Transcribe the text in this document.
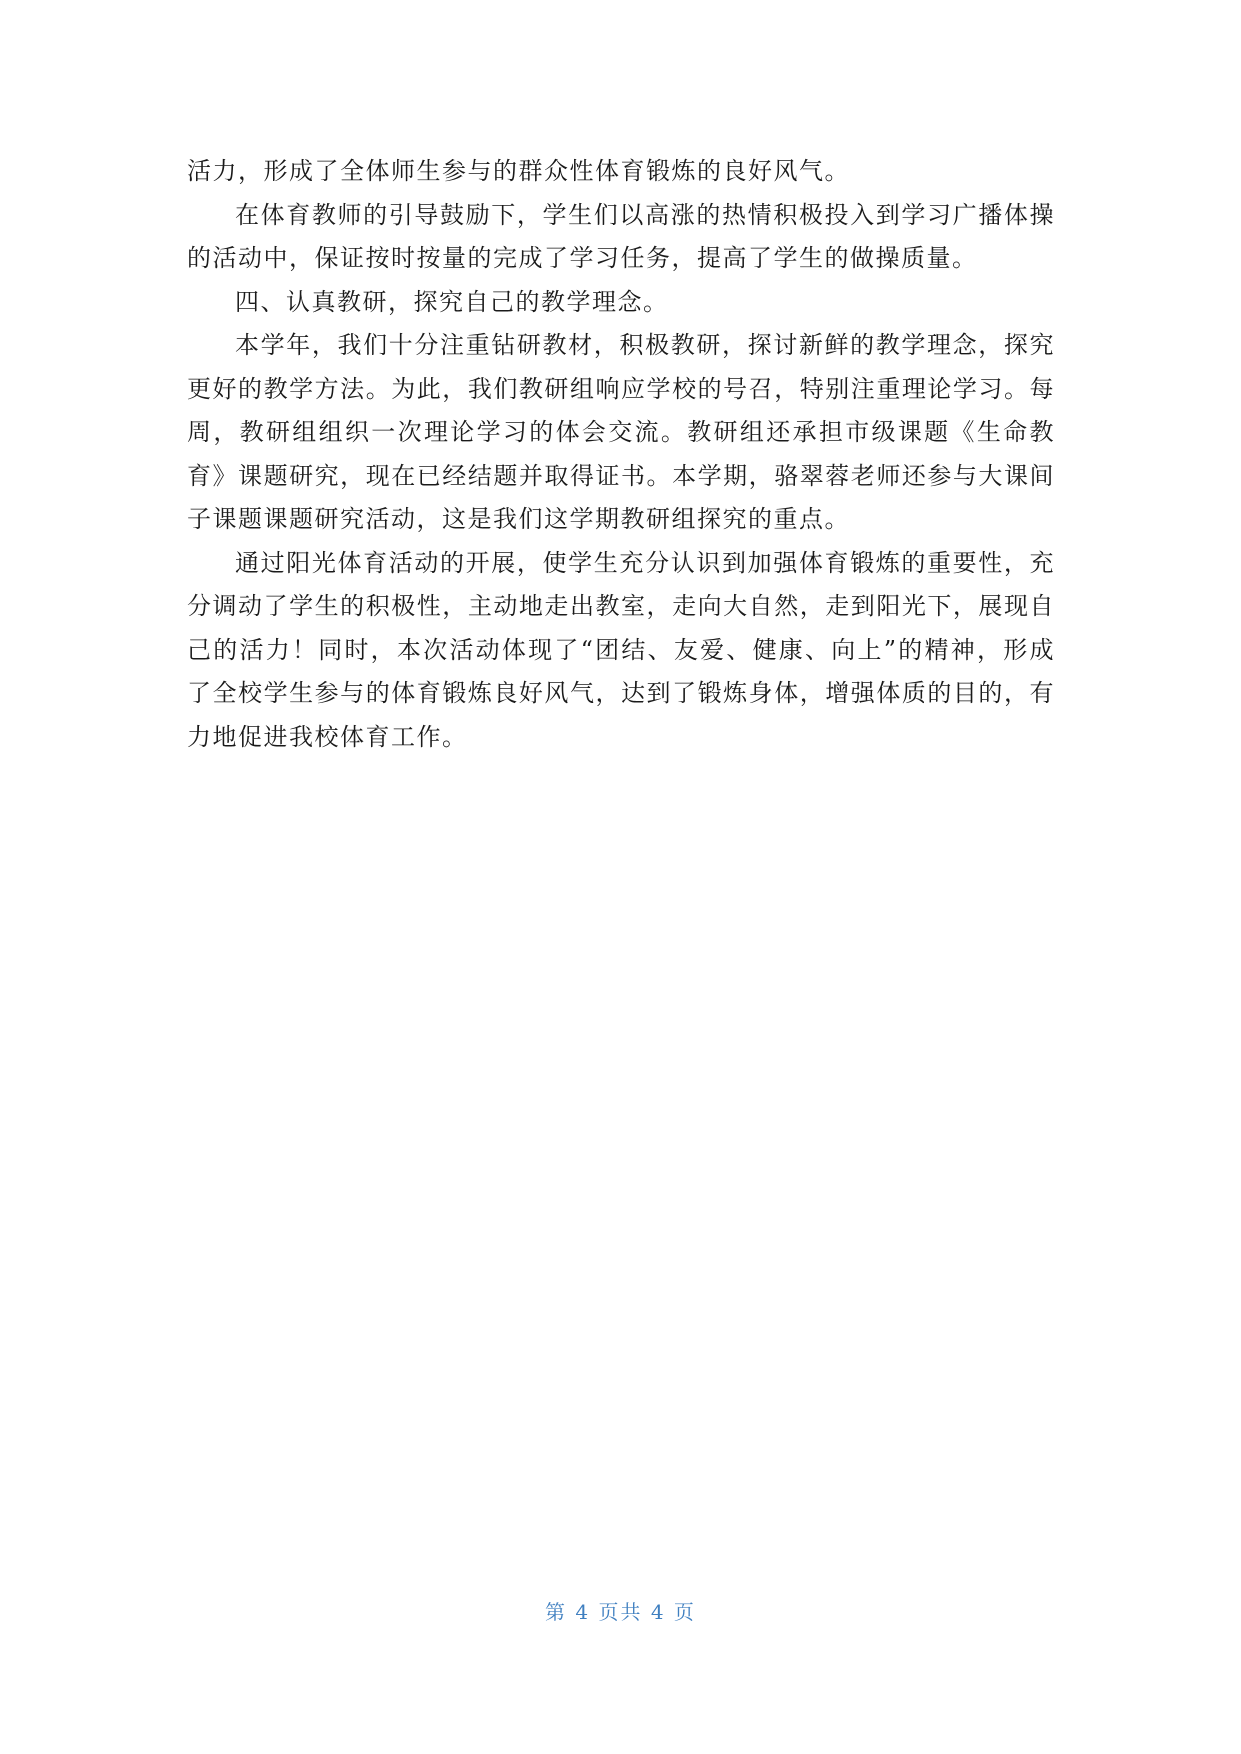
活力，形成了全体师生参与的群众性体育锻炼的良好风气。

在体育教师的引导鼓励下，学生们以高涨的热情积极投入到学习广播体操的活动中，保证按时按量的完成了学习任务，提高了学生的做操质量。

四、认真教研，探究自己的教学理念。

本学年，我们十分注重钻研教材，积极教研，探讨新鲜的教学理念，探究更好的教学方法。为此，我们教研组响应学校的号召，特别注重理论学习。每周，教研组组织一次理论学习的体会交流。教研组还承担市级课题《生命教育》课题研究，现在已经结题并取得证书。本学期，骆翠蓉老师还参与大课间子课题课题研究活动，这是我们这学期教研组探究的重点。

通过阳光体育活动的开展，使学生充分认识到加强体育锻炼的重要性，充分调动了学生的积极性，主动地走出教室，走向大自然，走到阳光下，展现自己的活力！同时，本次活动体现了“团结、友爱、健康、向上”的精神，形成了全校学生参与的体育锻炼良好风气，达到了锻炼身体，增强体质的目的，有力地促进我校体育工作。

第 4 页共 4 页
